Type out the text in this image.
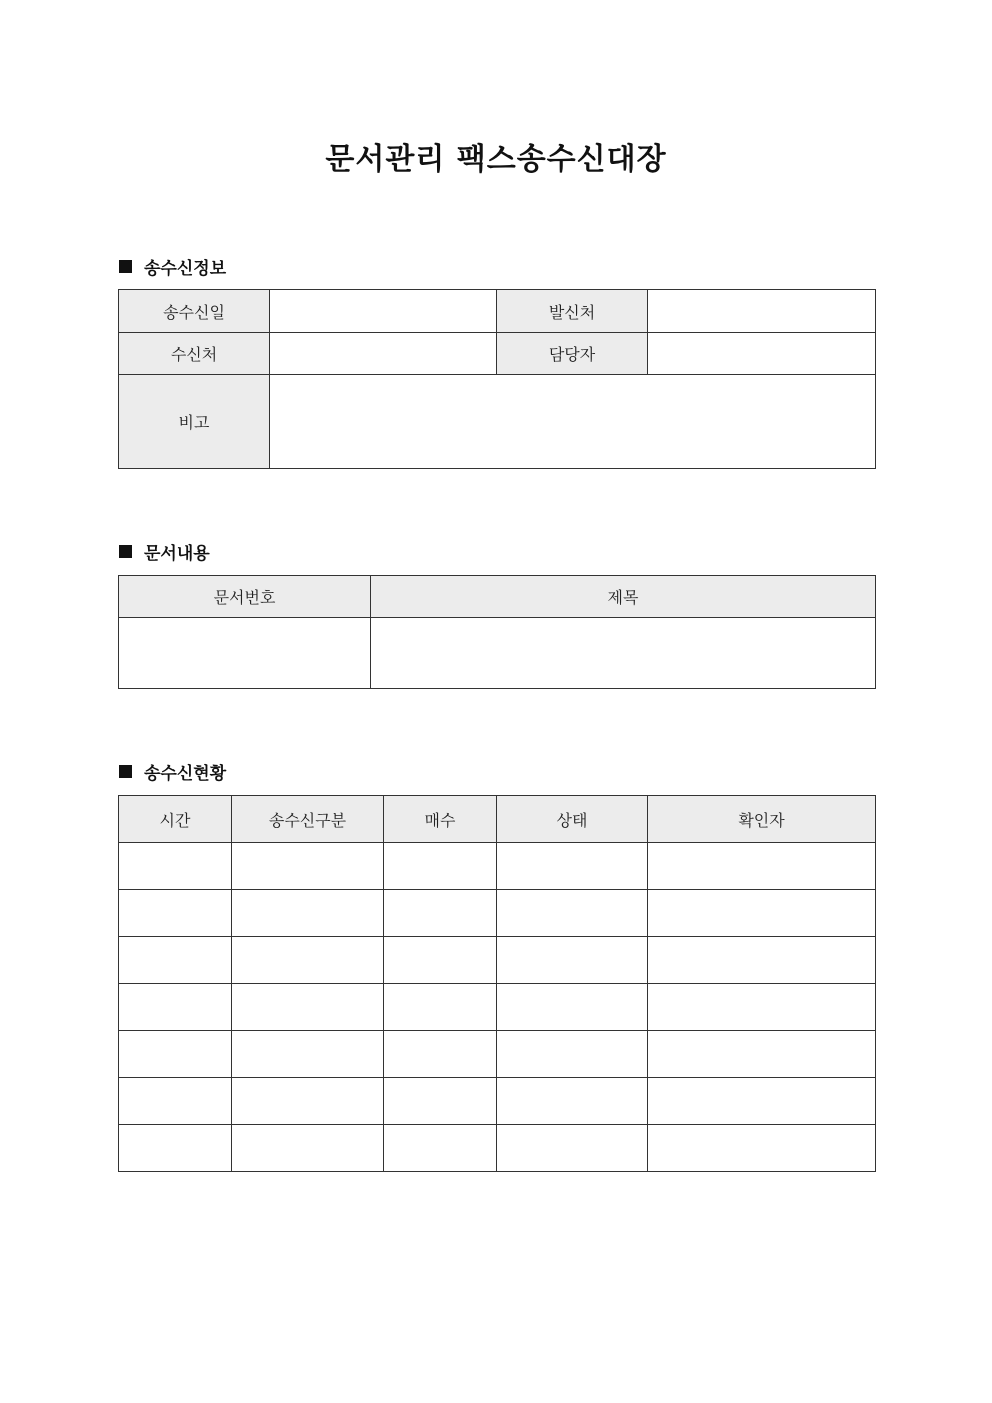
문서관리 팩스송수신대장
송수신정보
송수신일		발신처	
수신처		담당자	
비고			
문서내용
문서번호	제목

송수신현황
시간	송수신구분	매수	상태	확인자
